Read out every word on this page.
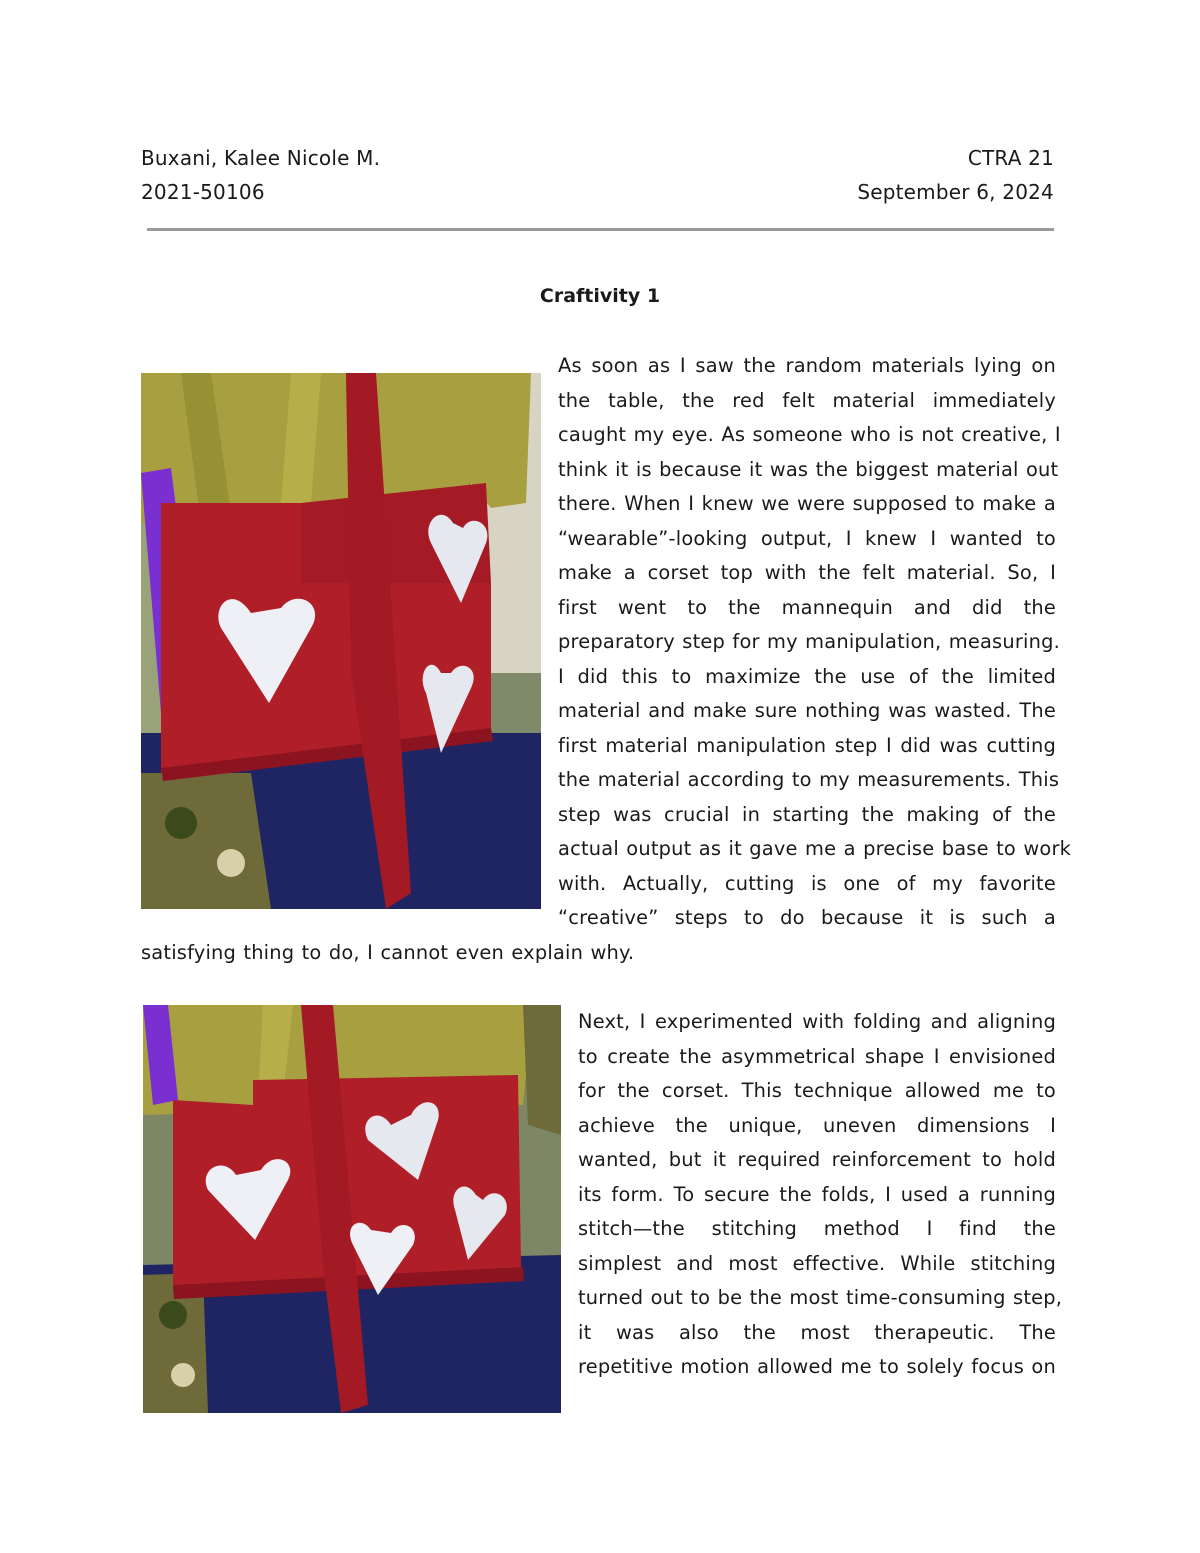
Buxani, Kalee Nicole M.
2021-50106
CTRA 21
September 6, 2024
Craftivity 1
As soon as I saw the random materials lying on
the table, the red felt material immediately
caught my eye. As someone who is not creative, I
think it is because it was the biggest material out
there. When I knew we were supposed to make a
“wearable”-looking output, I knew I wanted to
make a corset top with the felt material. So, I
first went to the mannequin and did the
preparatory step for my manipulation, measuring.
I did this to maximize the use of the limited
material and make sure nothing was wasted. The
first material manipulation step I did was cutting
the material according to my measurements. This
step was crucial in starting the making of the
actual output as it gave me a precise base to work
with. Actually, cutting is one of my favorite
“creative” steps to do because it is such a
satisfying thing to do, I cannot even explain why.
Next, I experimented with folding and aligning
to create the asymmetrical shape I envisioned
for the corset. This technique allowed me to
achieve the unique, uneven dimensions I
wanted, but it required reinforcement to hold
its form. To secure the folds, I used a running
stitch—the stitching method I find the
simplest and most effective. While stitching
turned out to be the most time-consuming step,
it was also the most therapeutic. The
repetitive motion allowed me to solely focus on
